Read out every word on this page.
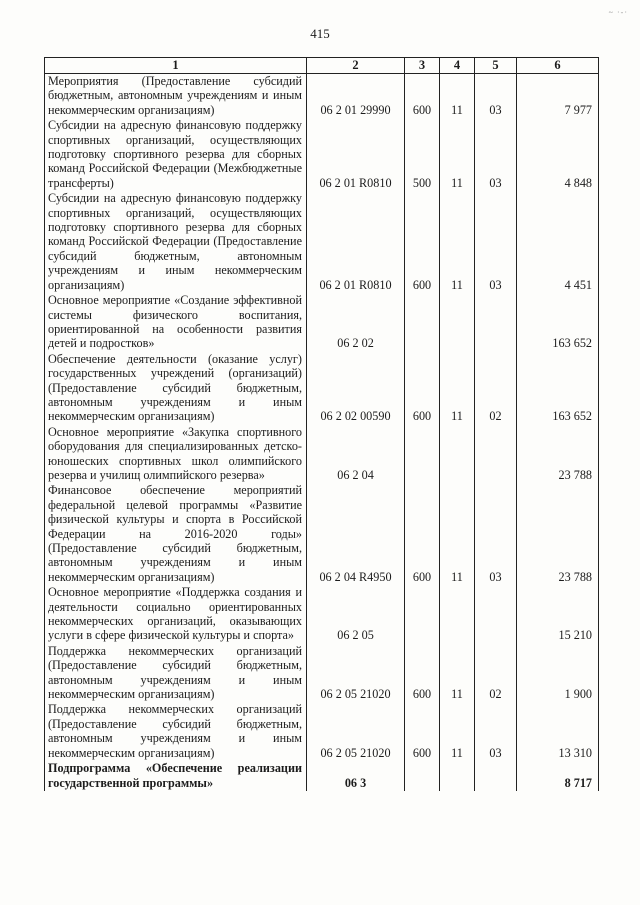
~ ·-·
415
1	2	3	4	5	6
Мероприятия (Предоставление субсидий бюджетным, автономным учреждениям и иным некоммерческим организациям)	06 2 01 29990	600	11	03	7 977
Субсидии на адресную финансовую поддержку спортивных организаций, осуществляющих подготовку спортивного резерва для сборных команд Российской Федерации (Межбюджетные трансферты)	06 2 01 R0810	500	11	03	4 848
Субсидии на адресную финансовую поддержку спортивных организаций, осуществляющих подготовку спортивного резерва для сборных команд Российской Федерации (Предоставление субсидий бюджетным, автономным учреждениям и иным некоммерческим организациям)	06 2 01 R0810	600	11	03	4 451
Основное мероприятие «Создание эффективной системы физического воспитания, ориентированной на особенности развития детей и подростков»	06 2 02				163 652
Обеспечение деятельности (оказание услуг) государственных учреждений (организаций) (Предоставление субсидий бюджетным, автономным учреждениям и иным некоммерческим организациям)	06 2 02 00590	600	11	02	163 652
Основное мероприятие «Закупка спортивного оборудования для специализированных детско-юношеских спортивных школ олимпийского резерва и училищ олимпийского резерва»	06 2 04				23 788
Финансовое обеспечение мероприятий федеральной целевой программы «Развитие физической культуры и спорта в Российской Федерации на 2016-2020 годы» (Предоставление субсидий бюджетным, автономным учреждениям и иным некоммерческим организациям)	06 2 04 R4950	600	11	03	23 788
Основное мероприятие «Поддержка создания и деятельности социально ориентированных некоммерческих организаций, оказывающих услуги в сфере физической культуры и спорта»	06 2 05				15 210
Поддержка некоммерческих организаций (Предоставление субсидий бюджетным, автономным учреждениям и иным некоммерческим организациям)	06 2 05 21020	600	11	02	1 900
Поддержка некоммерческих организаций (Предоставление субсидий бюджетным, автономным учреждениям и иным некоммерческим организациям)	06 2 05 21020	600	11	03	13 310
Подпрограмма «Обеспечение реализации государственной программы»	06 3				8 717
